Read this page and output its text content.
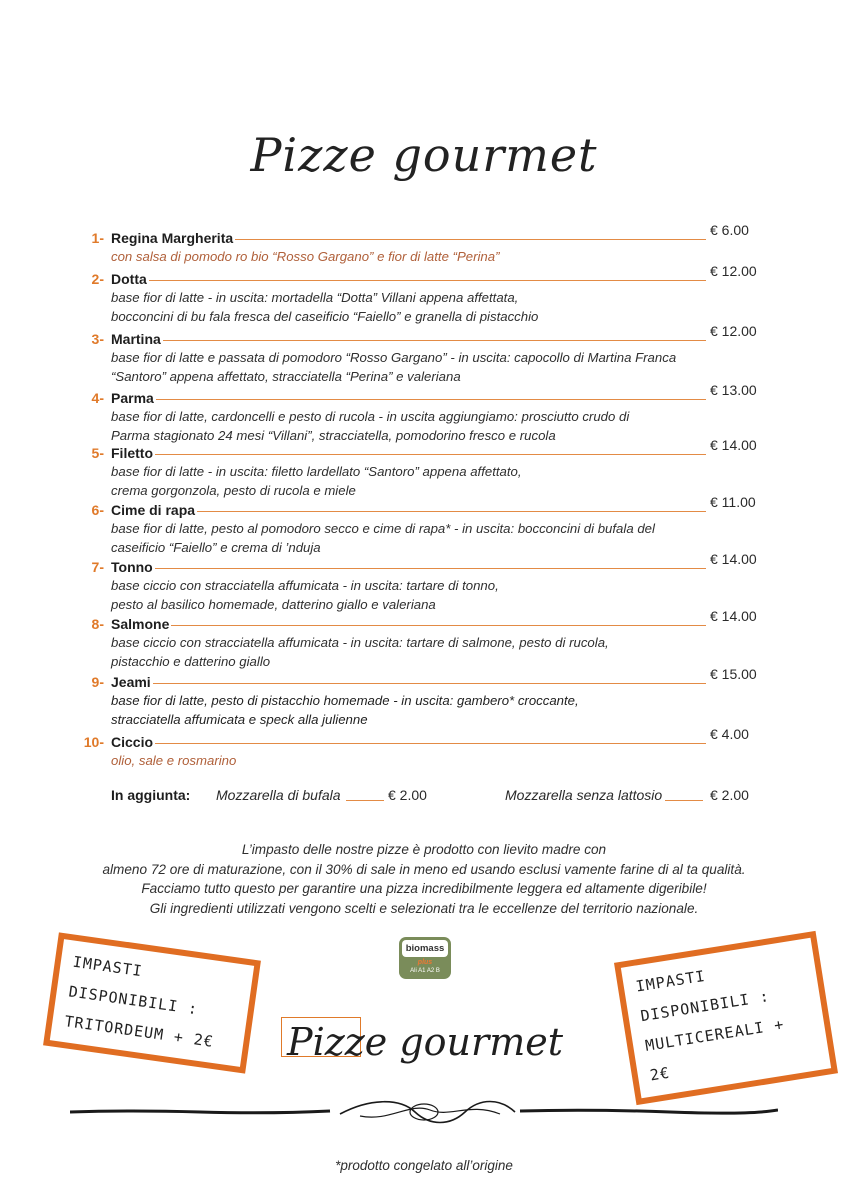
Pizze gourmet
1- Regina Margherita	€ 6.00
con salsa di pomodo ro bio “Rosso Gargano” e fior di latte “Perina”
2- Dotta	€ 12.00
base fior di latte - in uscita: mortadella “Dotta” Villani appena affettata,
bocconcini di bu fala fresca del caseificio “Faiello” e granella di pistacchio
3- Martina	€ 12.00
base fior di latte e passata di pomodoro “Rosso Gargano” - in uscita: capocollo di Martina Franca
“Santoro” appena affettato, stracciatella “Perina” e valeriana
4- Parma	€ 13.00
base fior di latte, cardoncelli e pesto di rucola - in uscita aggiungiamo: prosciutto crudo di
Parma stagionato 24 mesi “Villani”, stracciatella, pomodorino fresco e rucola
5- Filetto	€ 14.00
base fior di latte - in uscita: filetto lardellato “Santoro” appena affettato,
crema gorgonzola, pesto di rucola e miele
6- Cime di rapa	€ 11.00
base fior di latte, pesto al pomodoro secco e cime di rapa* - in uscita: bocconcini di bufala del
caseificio “Faiello” e crema di ’nduja
7- Tonno	€ 14.00
base ciccio con stracciatella affumicata - in uscita: tartare di tonno,
pesto al basilico homemade, datterino giallo e valeriana
8- Salmone	€ 14.00
base ciccio con stracciatella affumicata - in uscita: tartare di salmone, pesto di rucola,
pistacchio e datterino giallo
9- Jeami	€ 15.00
base fior di latte, pesto di pistacchio homemade - in uscita: gambero* croccante,
stracciatella affumicata e speck alla julienne
10- Ciccio	€ 4.00
olio, sale e rosmarino
In aggiunta: Mozzarella di bufala	€ 2.00	Mozzarella senza lattosio	€ 2.00
L’impasto delle nostre pizze è prodotto con lievito madre con
almeno 72 ore di maturazione, con il 30% di sale in meno ed usando esclusi vamente farine di al ta qualità.
Facciamo tutto questo per garantire una pizza incredibilmente leggera ed altamente digeribile!
Gli ingredienti utilizzati vengono scelti e selezionati tra le eccellenze del territorio nazionale.
IMPASTI DISPONIBILI :
TRITORDEUM + 2€
IMPASTI DISPONIBILI :
MULTICEREALI + 2€
biomass
plus
Ali A1 A2 B
Pizze gourmet
*prodotto congelato all’origine
